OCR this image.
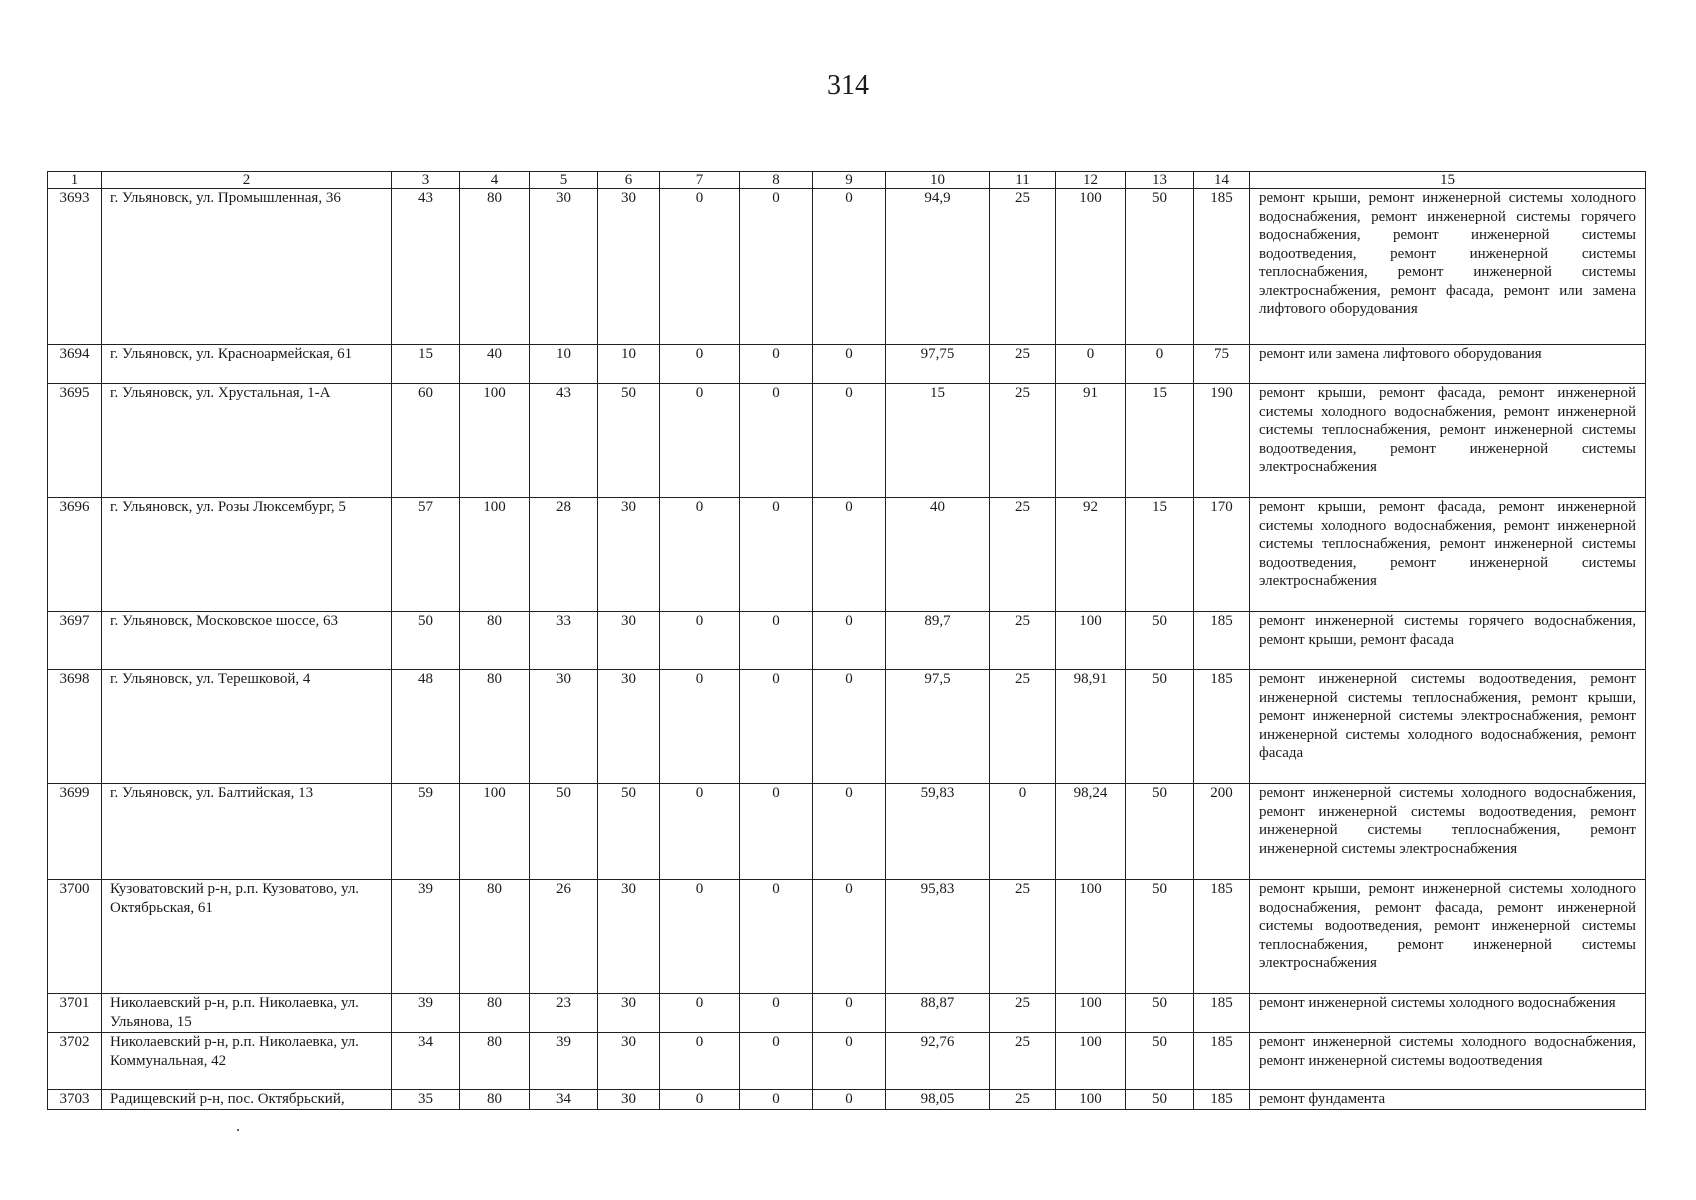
314
1	2	3	4	5	6	7	8	9	10	11	12	13	14	15
3693	г. Ульяновск, ул. Промышленная, 36	43	80	30	30	0	0	0	94,9	25	100	50	185	ремонт крыши, ремонт инженерной системы холодного водоснабжения, ремонт инженерной системы горячего водоснабжения, ремонт инженерной системы водоотведения, ремонт инженерной системы теплоснабжения, ремонт инженерной системы электроснабжения, ремонт фасада, ремонт или замена лифтового оборудования
3694	г. Ульяновск, ул. Красноармейская, 61	15	40	10	10	0	0	0	97,75	25	0	0	75	ремонт или замена лифтового оборудования
3695	г. Ульяновск, ул. Хрустальная, 1-А	60	100	43	50	0	0	0	15	25	91	15	190	ремонт крыши, ремонт фасада, ремонт инженерной системы холодного водоснабжения, ремонт инженерной системы теплоснабжения, ремонт инженерной системы водоотведения, ремонт инженерной системы электроснабжения
3696	г. Ульяновск, ул. Розы Люксембург, 5	57	100	28	30	0	0	0	40	25	92	15	170	ремонт крыши, ремонт фасада, ремонт инженерной системы холодного водоснабжения, ремонт инженерной системы теплоснабжения, ремонт инженерной системы водоотведения, ремонт инженерной системы электроснабжения
3697	г. Ульяновск, Московское шоссе, 63	50	80	33	30	0	0	0	89,7	25	100	50	185	ремонт инженерной системы горячего водоснабжения, ремонт крыши, ремонт фасада
3698	г. Ульяновск, ул. Терешковой, 4	48	80	30	30	0	0	0	97,5	25	98,91	50	185	ремонт инженерной системы водоотведения, ремонт инженерной системы теплоснабжения, ремонт крыши, ремонт инженерной системы электроснабжения, ремонт инженерной системы холодного водоснабжения, ремонт фасада
3699	г. Ульяновск, ул. Балтийская, 13	59	100	50	50	0	0	0	59,83	0	98,24	50	200	ремонт инженерной системы холодного водоснабжения, ремонт инженерной системы водоотведения, ремонт инженерной системы теплоснабжения, ремонт инженерной системы электроснабжения
3700	Кузоватовский р-н, р.п. Кузоватово, ул. Октябрьская, 61	39	80	26	30	0	0	0	95,83	25	100	50	185	ремонт крыши, ремонт инженерной системы холодного водоснабжения, ремонт фасада, ремонт инженерной системы водоотведения, ремонт инженерной системы теплоснабжения, ремонт инженерной системы электроснабжения
3701	Николаевский р-н, р.п. Николаевка, ул. Ульянова, 15	39	80	23	30	0	0	0	88,87	25	100	50	185	ремонт инженерной системы холодного водоснабжения
3702	Николаевский р-н, р.п. Николаевка, ул. Коммунальная, 42	34	80	39	30	0	0	0	92,76	25	100	50	185	ремонт инженерной системы холодного водоснабжения, ремонт инженерной системы водоотведения
3703	Радищевский р-н, пос. Октябрьский,	35	80	34	30	0	0	0	98,05	25	100	50	185	ремонт фундамента
.
